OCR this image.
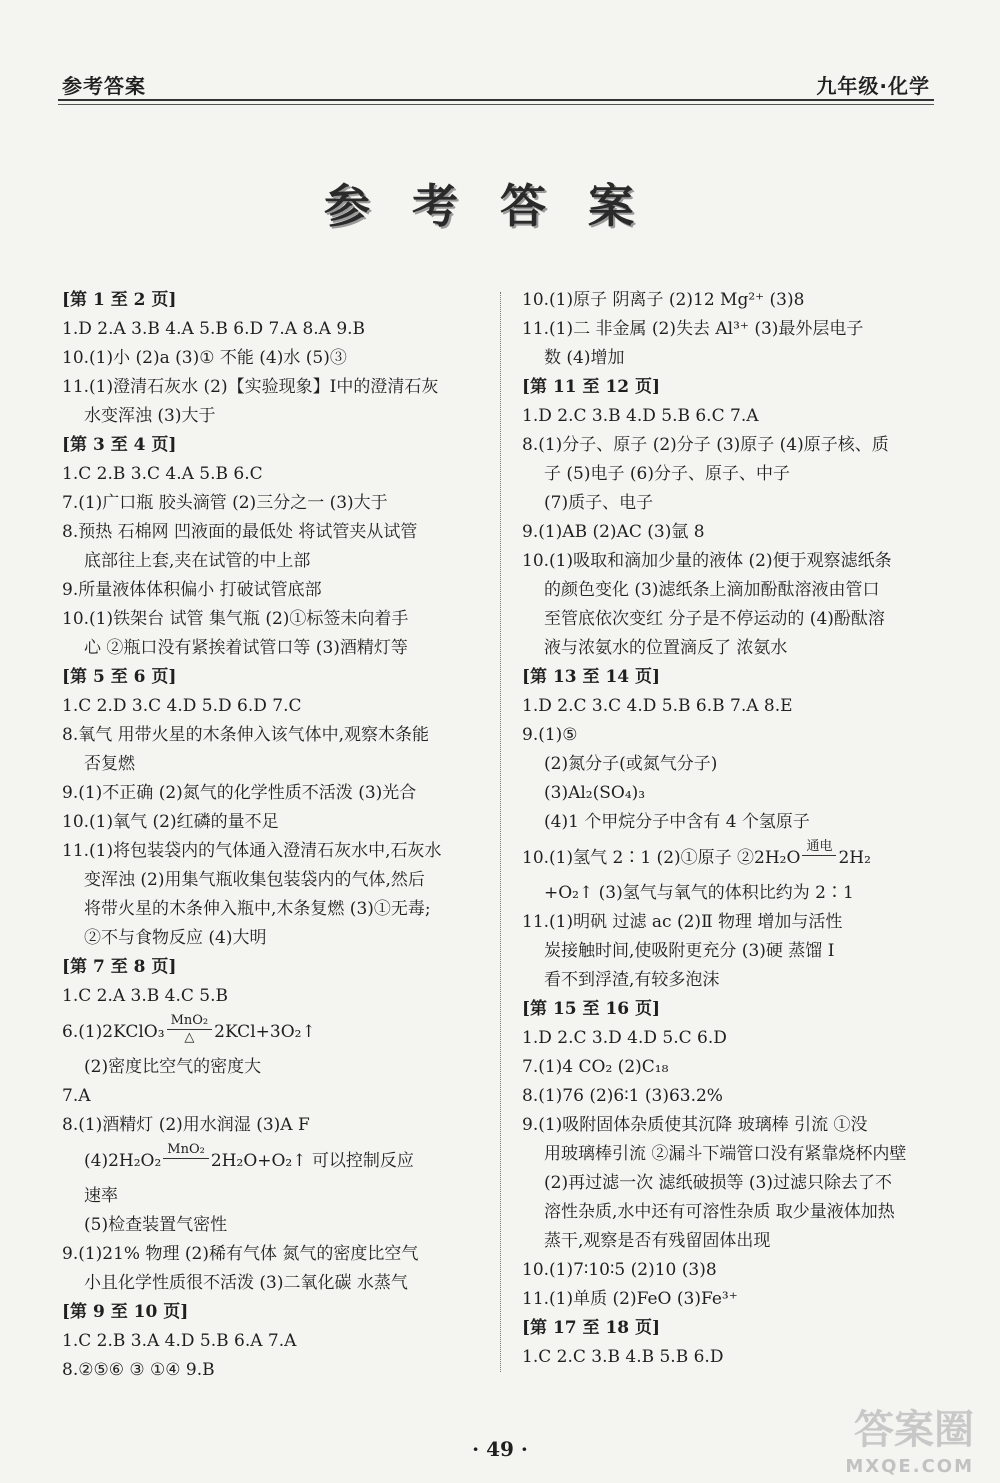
参考答案	九年级·化学
参考答案
[第 1 至 2 页]
1.D 2.A 3.B 4.A 5.B 6.D 7.A 8.A 9.B
10.(1)小 (2)a (3)① 不能 (4)水 (5)③
11.(1)澄清石灰水 (2)【实验现象】Ⅰ中的澄清石灰
水变浑浊 (3)大于
[第 3 至 4 页]
1.C 2.B 3.C 4.A 5.B 6.C
7.(1)广口瓶 胶头滴管 (2)三分之一 (3)大于
8.预热 石棉网 凹液面的最低处 将试管夹从试管
底部往上套,夹在试管的中上部
9.所量液体体积偏小 打破试管底部
10.(1)铁架台 试管 集气瓶 (2)①标签未向着手
心 ②瓶口没有紧挨着试管口等 (3)酒精灯等
[第 5 至 6 页]
1.C 2.D 3.C 4.D 5.D 6.D 7.C
8.氧气 用带火星的木条伸入该气体中,观察木条能
否复燃
9.(1)不正确 (2)氮气的化学性质不活泼 (3)光合
10.(1)氧气 (2)红磷的量不足
11.(1)将包装袋内的气体通入澄清石灰水中,石灰水
变浑浊 (2)用集气瓶收集包装袋内的气体,然后
将带火星的木条伸入瓶中,木条复燃 (3)①无毒;
②不与食物反应 (4)大明
[第 7 至 8 页]
1.C 2.A 3.B 4.C 5.B
6.(1)2KClO₃ $\frac{\text{MnO₂}}{\triangle}$ 2KCl+3O₂↑
(2)密度比空气的密度大
7.A
8.(1)酒精灯 (2)用水润湿 (3)A F
(4)2H₂O₂
MnO₂

2H₂O+O₂↑ 可以控制反应
速率
(5)检查装置气密性
9.(1)21% 物理 (2)稀有气体 氮气的密度比空气
小且化学性质很不活泼 (3)二氧化碳 水蒸气
[第 9 至 10 页]
1.C 2.B 3.A 4.D 5.B 6.A 7.A
8.②⑤⑥ ③ ①④ 9.B
10.(1)原子 阴离子 (2)12 Mg²⁺ (3)8
11.(1)二 非金属 (2)失去 Al³⁺ (3)最外层电子
数 (4)增加
[第 11 至 12 页]
1.D 2.C 3.B 4.D 5.B 6.C 7.A
8.(1)分子、原子 (2)分子 (3)原子 (4)原子核、质
子 (5)电子 (6)分子、原子、中子
(7)质子、电子
9.(1)AB (2)AC (3)氩 8
10.(1)吸取和滴加少量的液体 (2)便于观察滤纸条
的颜色变化 (3)滤纸条上滴加酚酞溶液由管口
至管底依次变红 分子是不停运动的 (4)酚酞溶
液与浓氨水的位置滴反了 浓氨水
[第 13 至 14 页]
1.D 2.C 3.C 4.D 5.B 6.B 7.A 8.E
9.(1)⑤
(2)氮分子(或氮气分子)
(3)Al₂(SO₄)₃
(4)1 个甲烷分子中含有 4 个氢原子
10.(1)氢气 2∶1 (2)①原子 ②2H₂O
通电

2H₂
+O₂↑ (3)氢气与氧气的体积比约为 2∶1
11.(1)明矾 过滤 ac (2)Ⅱ 物理 增加与活性
炭接触时间,使吸附更充分 (3)硬 蒸馏 Ⅰ
看不到浮渣,有较多泡沫
[第 15 至 16 页]
1.D 2.C 3.D 4.D 5.C 6.D
7.(1)4 CO₂ (2)C₁₈
8.(1)76 (2)6∶1 (3)63.2%
9.(1)吸附固体杂质使其沉降 玻璃棒 引流 ①没
用玻璃棒引流 ②漏斗下端管口没有紧靠烧杯内壁
(2)再过滤一次 滤纸破损等 (3)过滤只除去了不
溶性杂质,水中还有可溶性杂质 取少量液体加热
蒸干,观察是否有残留固体出现
10.(1)7∶10∶5 (2)10 (3)8
11.(1)单质 (2)FeO (3)Fe³⁺
[第 17 至 18 页]
1.C 2.C 3.B 4.B 5.B 6.D
· 49 ·	答案圈
MXQE.COM
